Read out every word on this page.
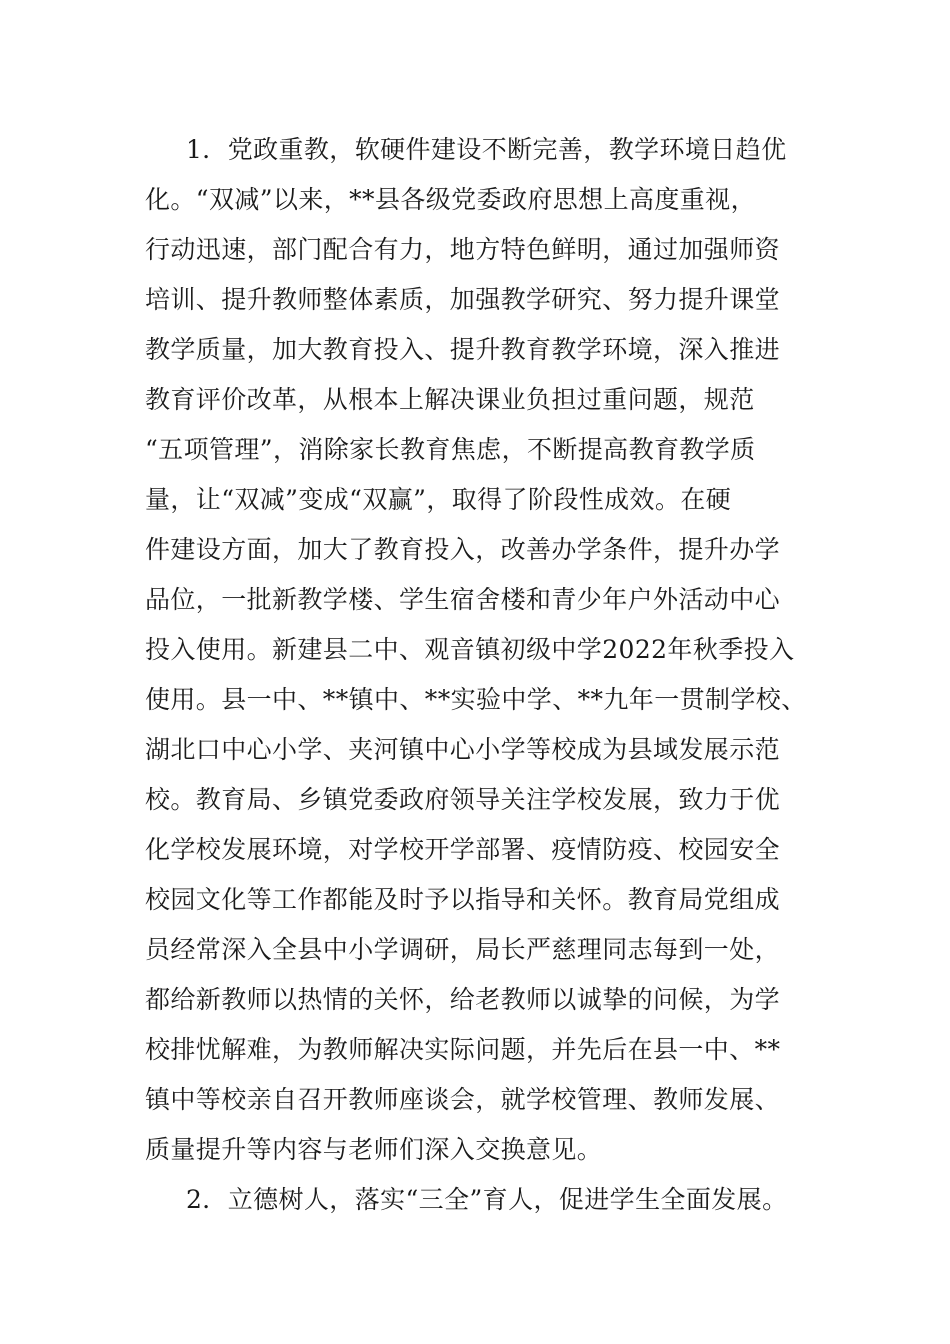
1．党政重教，软硬件建设不断完善，教学环境日趋优
化。“双减”以来，**县各级党委政府思想上高度重视，
行动迅速，部门配合有力，地方特色鲜明，通过加强师资
培训、提升教师整体素质，加强教学研究、努力提升课堂
教学质量，加大教育投入、提升教育教学环境，深入推进
教育评价改革，从根本上解决课业负担过重问题，规范
“五项管理”，消除家长教育焦虑，不断提高教育教学质
量，让“双减”变成“双赢”，取得了阶段性成效。在硬
件建设方面，加大了教育投入，改善办学条件，提升办学
品位，一批新教学楼、学生宿舍楼和青少年户外活动中心
投入使用。新建县二中、观音镇初级中学2022年秋季投入
使用。县一中、**镇中、**实验中学、**九年一贯制学校、
湖北口中心小学、夹河镇中心小学等校成为县域发展示范
校。教育局、乡镇党委政府领导关注学校发展，致力于优
化学校发展环境，对学校开学部署、疫情防疫、校园安全
校园文化等工作都能及时予以指导和关怀。教育局党组成
员经常深入全县中小学调研，局长严慈理同志每到一处，
都给新教师以热情的关怀，给老教师以诚挚的问候，为学
校排忧解难，为教师解决实际问题，并先后在县一中、**
镇中等校亲自召开教师座谈会，就学校管理、教师发展、
质量提升等内容与老师们深入交换意见。
2．立德树人，落实“三全”育人，促进学生全面发展。
